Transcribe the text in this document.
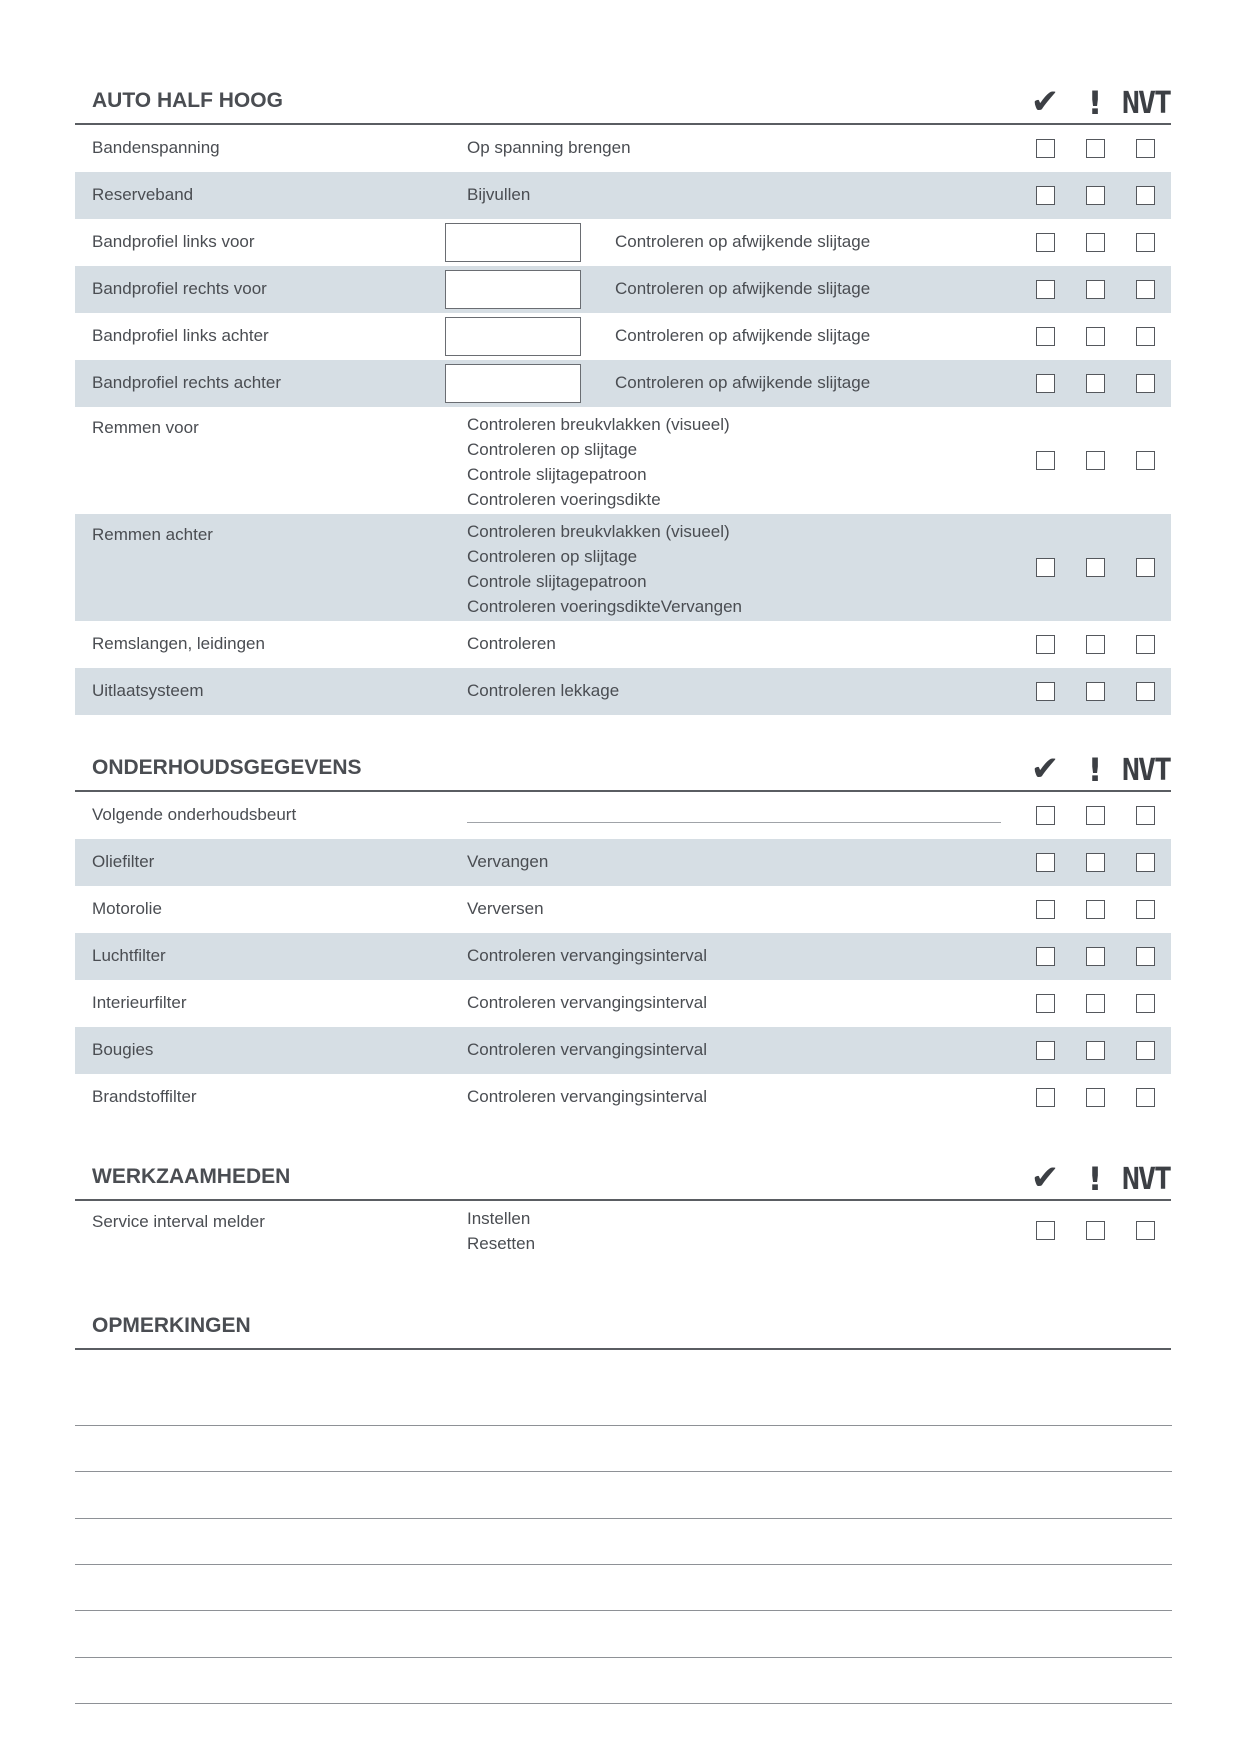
AUTO HALF HOOG	✔ ! NVT
Bandenspanning	Op spanning brengen
Reserveband	Bijvullen
Bandprofiel links voor	Controleren op afwijkende slijtage
Bandprofiel rechts voor	Controleren op afwijkende slijtage
Bandprofiel links achter	Controleren op afwijkende slijtage
Bandprofiel rechts achter	Controleren op afwijkende slijtage
Remmen voor	Controleren breukvlakken (visueel)
Controleren op slijtage
Controle slijtagepatroon
Controleren voeringsdikte
Remmen achter	Controleren breukvlakken (visueel)
Controleren op slijtage
Controle slijtagepatroon
Controleren voeringsdikteVervangen
Remslangen, leidingen	Controleren
Uitlaatsysteem	Controleren lekkage
ONDERHOUDSGEGEVENS	✔ ! NVT
Volgende onderhoudsbeurt
Oliefilter	Vervangen
Motorolie	Verversen
Luchtfilter	Controleren vervangingsinterval
Interieurfilter	Controleren vervangingsinterval
Bougies	Controleren vervangingsinterval
Brandstoffilter	Controleren vervangingsinterval
WERKZAAMHEDEN	✔ ! NVT
Service interval melder	Instellen
Resetten
OPMERKINGEN
